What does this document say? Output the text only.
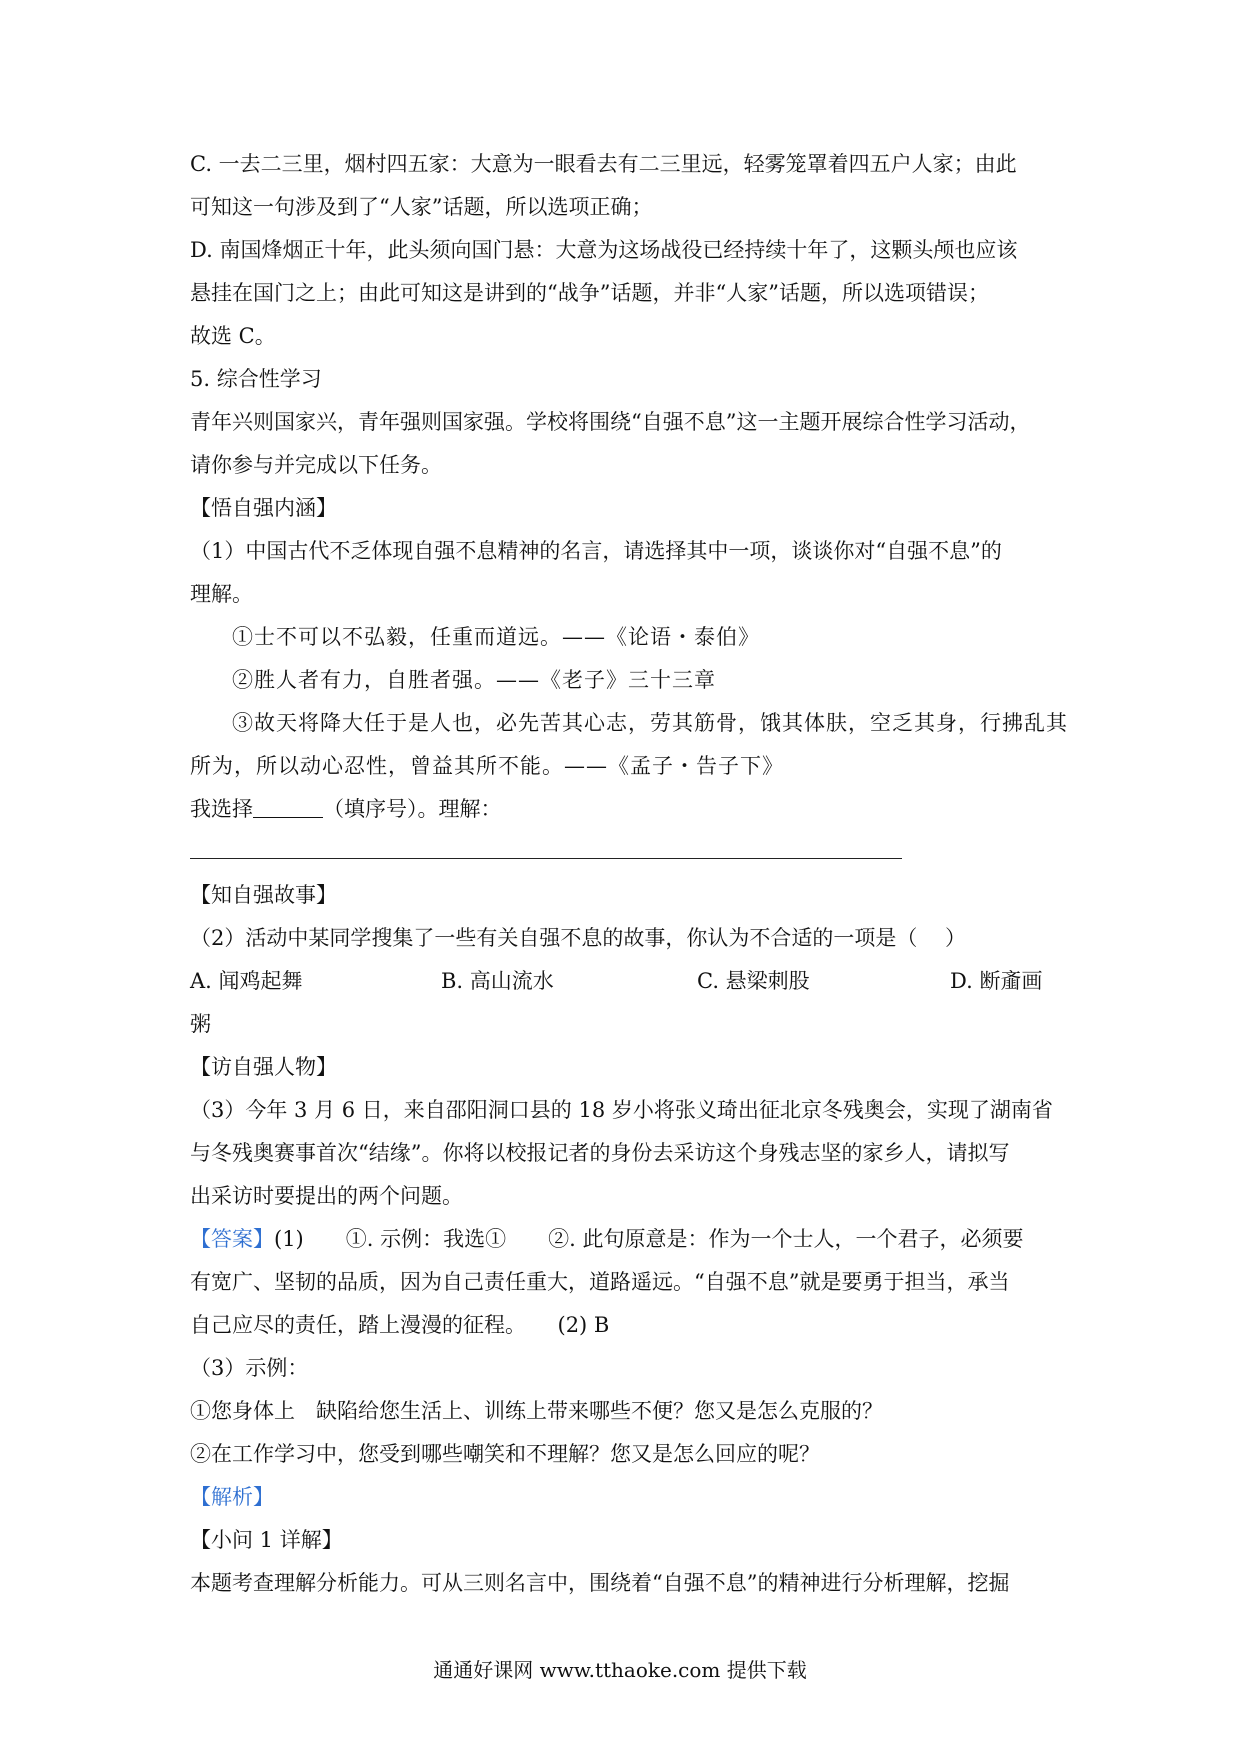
C. 一去二三里，烟村四五家：大意为一眼看去有二三里远，轻雾笼罩着四五户人家；由此
可知这一句涉及到了“人家”话题，所以选项正确；
D. 南国烽烟正十年，此头须向国门悬：大意为这场战役已经持续十年了，这颗头颅也应该
悬挂在国门之上；由此可知这是讲到的“战争”话题，并非“人家”话题，所以选项错误；
故选 C。
5. 综合性学习
青年兴则国家兴，青年强则国家强。学校将围绕“自强不息”这一主题开展综合性学习活动，
请你参与并完成以下任务。
【悟自强内涵】
（1）中国古代不乏体现自强不息精神的名言，请选择其中一项，谈谈你对“自强不息”的
理解。
①士不可以不弘毅，任重而道远。——《论语・泰伯》
②胜人者有力，自胜者强。——《老子》三十三章
③故天将降大任于是人也，必先苦其心志，劳其筋骨，饿其体肤，空乏其身，行拂乱其
所为，所以动心忍性，曾益其所不能。——《孟子・告子下》
我选择	（填序号）。理解：
【知自强故事】
（2）活动中某同学搜集了一些有关自强不息的故事，你认为不合适的一项是（　 ）
A. 闻鸡起舞	B. 高山流水	C. 悬梁刺股	D. 断齑画
粥
【访自强人物】
（3）今年 3 月 6 日，来自邵阳洞口县的 18 岁小将张义琦出征北京冬残奥会，实现了湖南省
与冬残奥赛事首次“结缘”。你将以校报记者的身份去采访这个身残志坚的家乡人，请拟写
出采访时要提出的两个问题。
【答案】(1)　　①. 示例：我选①　　②. 此句原意是：作为一个士人，一个君子，必须要
有宽广、坚韧的品质，因为自己责任重大，道路遥远。“自强不息”就是要勇于担当，承当
自己应尽的责任，踏上漫漫的征程。　　(2) B
（3）示例：
①您身体上　缺陷给您生活上、训练上带来哪些不便？您又是怎么克服的？
②在工作学习中，您受到哪些嘲笑和不理解？您又是怎么回应的呢？
【解析】
【小问 1 详解】
本题考查理解分析能力。可从三则名言中，围绕着“自强不息”的精神进行分析理解，挖掘
通通好课网 www.tthaoke.com 提供下载
